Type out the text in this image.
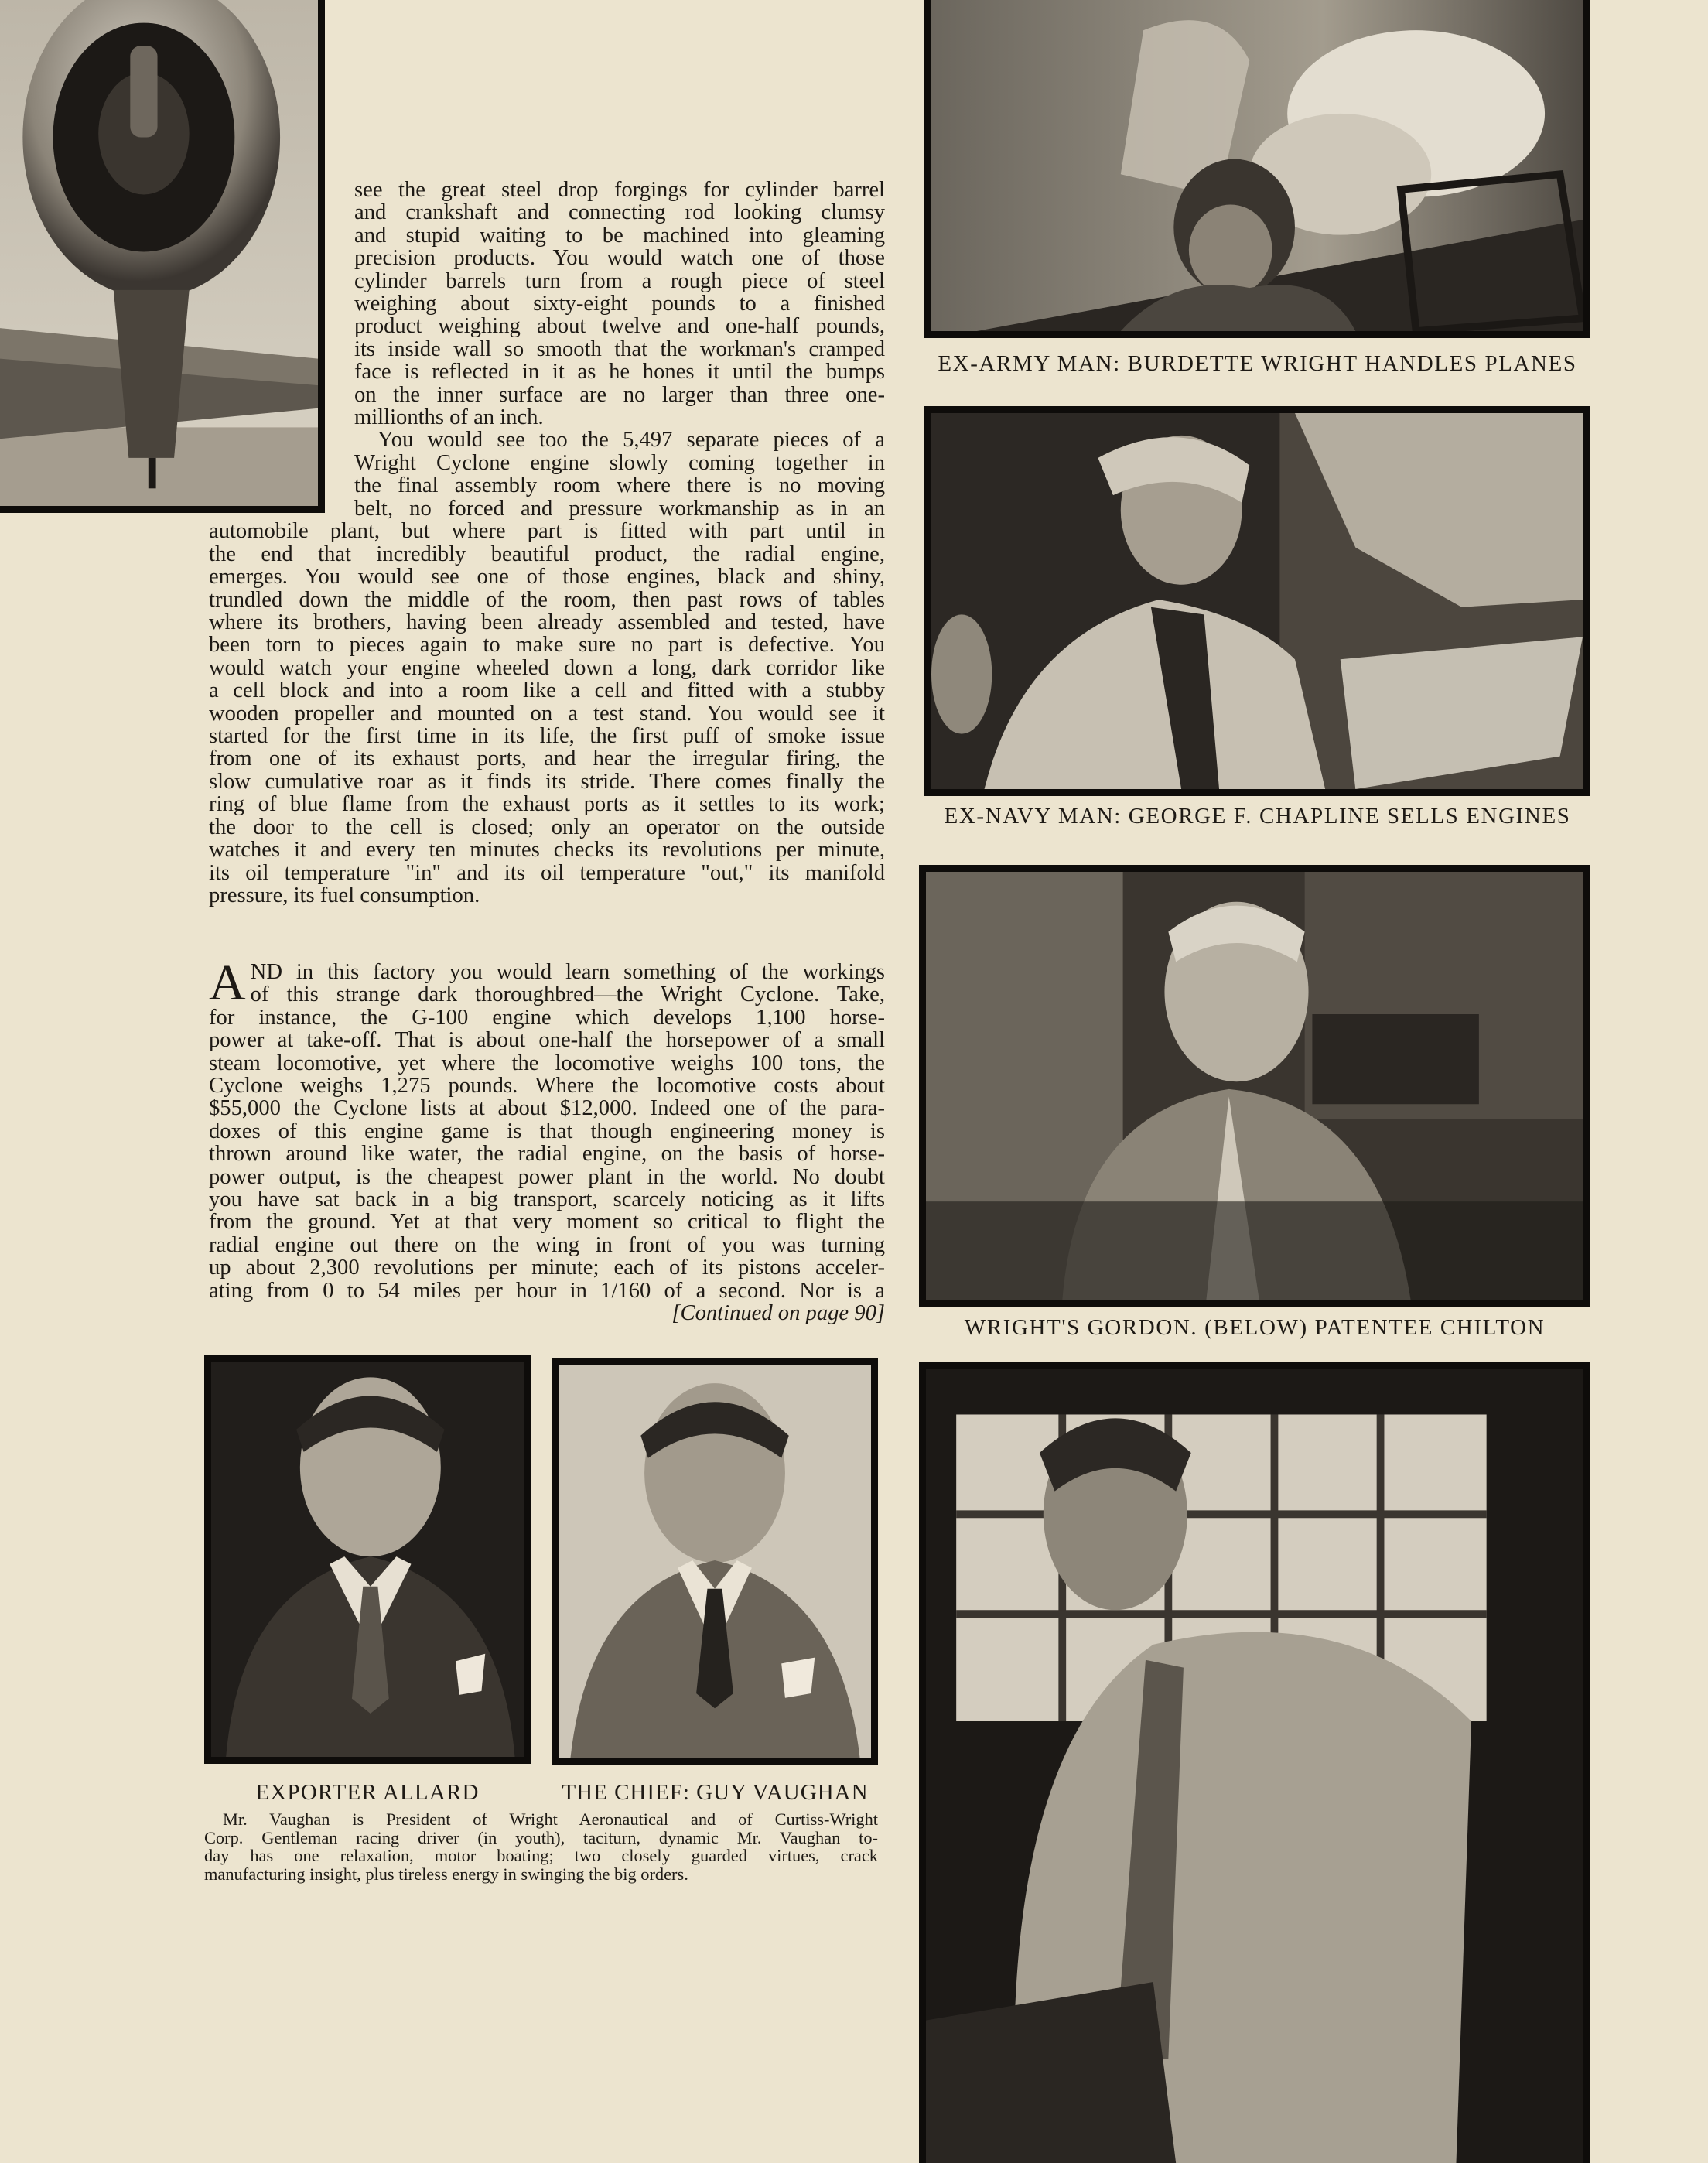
EX-ARMY MAN: BURDETTE WRIGHT HANDLES PLANES
EX-NAVY MAN: GEORGE F. CHAPLINE SELLS ENGINES
WRIGHT'S GORDON. (BELOW) PATENTEE CHILTON
EXPORTER ALLARD	THE CHIEF: GUY VAUGHAN

see the great steel drop forgings for cylinder barrel

and crankshaft and connecting rod looking clumsy

and stupid waiting to be machined into gleaming

precision products. You would watch one of those

cylinder barrels turn from a rough piece of steel

weighing about sixty-eight pounds to a finished

product weighing about twelve and one-half pounds,

its inside wall so smooth that the workman's cramped

face is reflected in it as he hones it until the bumps

on the inner surface are no larger than three one-

millionths of an inch.

You would see too the 5,497 separate pieces of a

Wright Cyclone engine slowly coming together in

the final assembly room where there is no moving

belt, no forced and pressure workmanship as in an

automobile plant, but where part is fitted with part until in

the end that incredibly beautiful product, the radial engine,

emerges. You would see one of those engines, black and shiny,

trundled down the middle of the room, then past rows of tables

where its brothers, having been already assembled and tested, have

been torn to pieces again to make sure no part is defective. You

would watch your engine wheeled down a long, dark corridor like

a cell block and into a room like a cell and fitted with a stubby

wooden propeller and mounted on a test stand. You would see it

started for the first time in its life, the first puff of smoke issue

from one of its exhaust ports, and hear the irregular firing, the

slow cumulative roar as it finds its stride. There comes finally the

ring of blue flame from the exhaust ports as it settles to its work;

the door to the cell is closed; only an operator on the outside

watches it and every ten minutes checks its revolutions per minute,

its oil temperature "in" and its oil temperature "out," its manifold

pressure, its fuel consumption.

A ND in this factory you would learn something of the workings

of this strange dark thoroughbred—the Wright Cyclone. Take,

for instance, the G-100 engine which develops 1,100 horse-

power at take-off. That is about one-half the horsepower of a small

steam locomotive, yet where the locomotive weighs 100 tons, the

Cyclone weighs 1,275 pounds. Where the locomotive costs about

$55,000 the Cyclone lists at about $12,000. Indeed one of the para-

doxes of this engine game is that though engineering money is

thrown around like water, the radial engine, on the basis of horse-

power output, is the cheapest power plant in the world. No doubt

you have sat back in a big transport, scarcely noticing as it lifts

from the ground. Yet at that very moment so critical to flight the

radial engine out there on the wing in front of you was turning

up about 2,300 revolutions per minute; each of its pistons acceler-

ating from 0 to 54 miles per hour in 1/160 of a second. Nor is a

[Continued on page 90]

Mr. Vaughan is President of Wright Aeronautical and of Curtiss-Wright

Corp. Gentleman racing driver (in youth), taciturn, dynamic Mr. Vaughan to-

day has one relaxation, motor boating; two closely guarded virtues, crack

manufacturing insight, plus tireless energy in swinging the big orders.
